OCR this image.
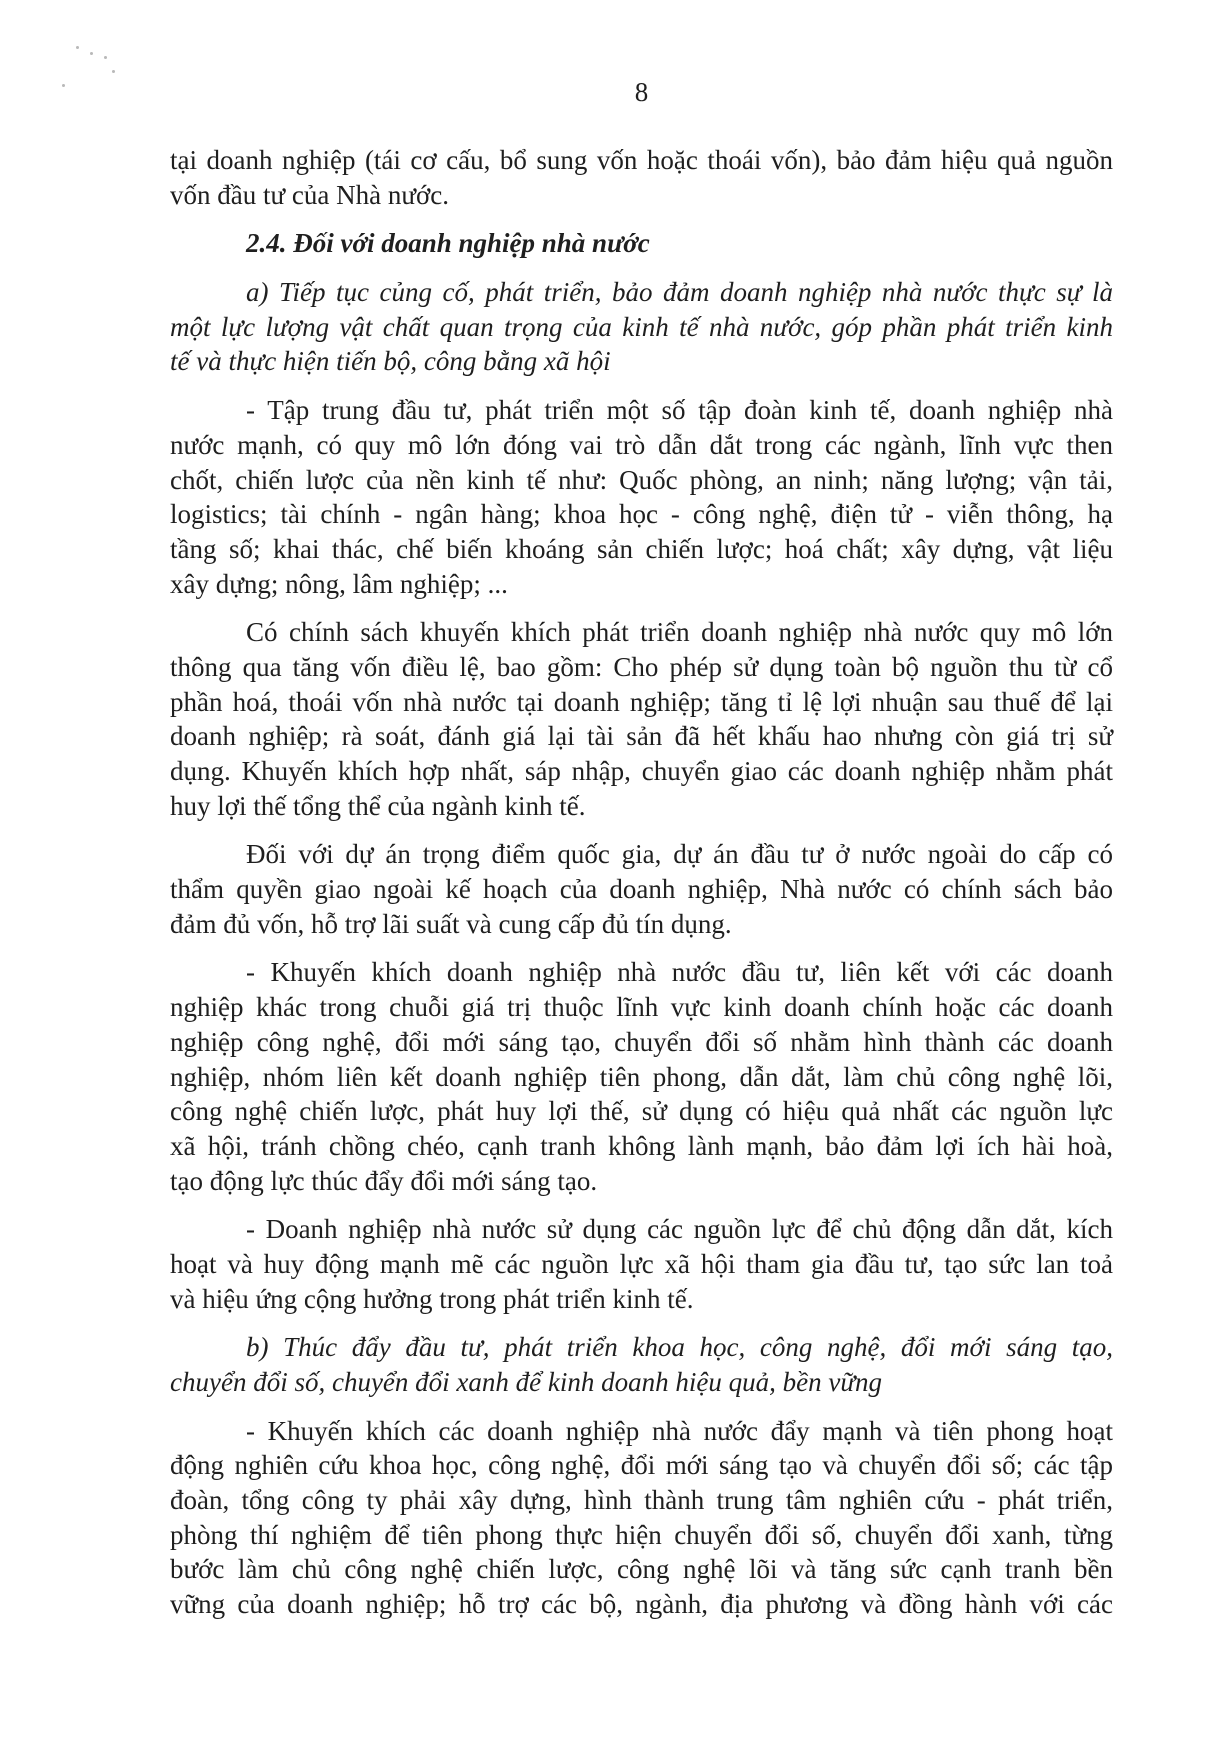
8
tại doanh nghiệp (tái cơ cấu, bổ sung vốn hoặc thoái vốn), bảo đảm hiệu quả nguồn
vốn đầu tư của Nhà nước.
2.4. Đối với doanh nghiệp nhà nước
a) Tiếp tục củng cố, phát triển, bảo đảm doanh nghiệp nhà nước thực sự là
một lực lượng vật chất quan trọng của kinh tế nhà nước, góp phần phát triển kinh
tế và thực hiện tiến bộ, công bằng xã hội
- Tập trung đầu tư, phát triển một số tập đoàn kinh tế, doanh nghiệp nhà
nước mạnh, có quy mô lớn đóng vai trò dẫn dắt trong các ngành, lĩnh vực then
chốt, chiến lược của nền kinh tế như: Quốc phòng, an ninh; năng lượng; vận tải,
logistics; tài chính - ngân hàng; khoa học - công nghệ, điện tử - viễn thông, hạ
tầng số; khai thác, chế biến khoáng sản chiến lược; hoá chất; xây dựng, vật liệu
xây dựng; nông, lâm nghiệp; ...
Có chính sách khuyến khích phát triển doanh nghiệp nhà nước quy mô lớn
thông qua tăng vốn điều lệ, bao gồm: Cho phép sử dụng toàn bộ nguồn thu từ cổ
phần hoá, thoái vốn nhà nước tại doanh nghiệp; tăng tỉ lệ lợi nhuận sau thuế để lại
doanh nghiệp; rà soát, đánh giá lại tài sản đã hết khấu hao nhưng còn giá trị sử
dụng. Khuyến khích hợp nhất, sáp nhập, chuyển giao các doanh nghiệp nhằm phát
huy lợi thế tổng thể của ngành kinh tế.
Đối với dự án trọng điểm quốc gia, dự án đầu tư ở nước ngoài do cấp có
thẩm quyền giao ngoài kế hoạch của doanh nghiệp, Nhà nước có chính sách bảo
đảm đủ vốn, hỗ trợ lãi suất và cung cấp đủ tín dụng.
- Khuyến khích doanh nghiệp nhà nước đầu tư, liên kết với các doanh
nghiệp khác trong chuỗi giá trị thuộc lĩnh vực kinh doanh chính hoặc các doanh
nghiệp công nghệ, đổi mới sáng tạo, chuyển đổi số nhằm hình thành các doanh
nghiệp, nhóm liên kết doanh nghiệp tiên phong, dẫn dắt, làm chủ công nghệ lõi,
công nghệ chiến lược, phát huy lợi thế, sử dụng có hiệu quả nhất các nguồn lực
xã hội, tránh chồng chéo, cạnh tranh không lành mạnh, bảo đảm lợi ích hài hoà,
tạo động lực thúc đẩy đổi mới sáng tạo.
- Doanh nghiệp nhà nước sử dụng các nguồn lực để chủ động dẫn dắt, kích
hoạt và huy động mạnh mẽ các nguồn lực xã hội tham gia đầu tư, tạo sức lan toả
và hiệu ứng cộng hưởng trong phát triển kinh tế.
b) Thúc đẩy đầu tư, phát triển khoa học, công nghệ, đổi mới sáng tạo,
chuyển đổi số, chuyển đổi xanh để kinh doanh hiệu quả, bền vững
- Khuyến khích các doanh nghiệp nhà nước đẩy mạnh và tiên phong hoạt
động nghiên cứu khoa học, công nghệ, đổi mới sáng tạo và chuyển đổi số; các tập
đoàn, tổng công ty phải xây dựng, hình thành trung tâm nghiên cứu - phát triển,
phòng thí nghiệm để tiên phong thực hiện chuyển đổi số, chuyển đổi xanh, từng
bước làm chủ công nghệ chiến lược, công nghệ lõi và tăng sức cạnh tranh bền
vững của doanh nghiệp; hỗ trợ các bộ, ngành, địa phương và đồng hành với các
